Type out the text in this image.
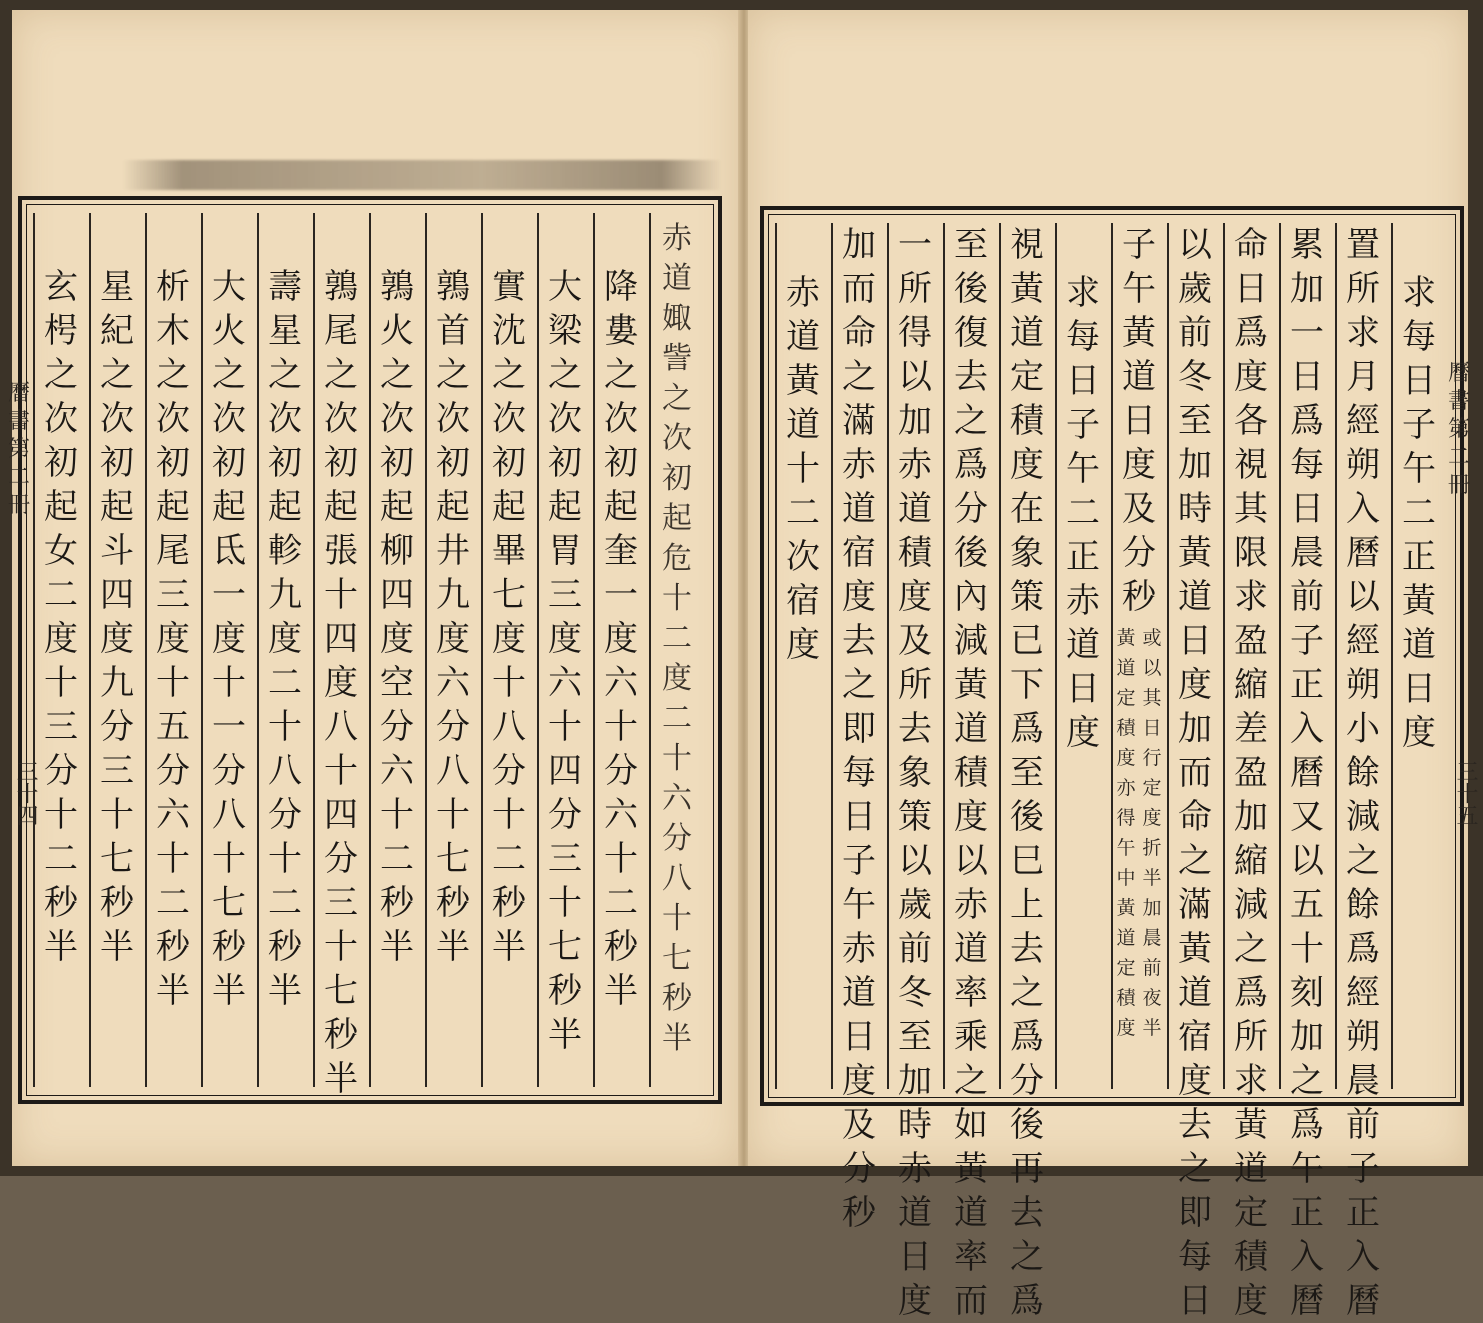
赤
道
娵
訾
之
次
初
起
危
十
二
度
二
十
六
分
八
十
七
秒
半
降
婁
之
次
初
起
奎
一
度
六
十
分
六
十
二
秒
半
大
梁
之
次
初
起
胃
三
度
六
十
四
分
三
十
七
秒
半
實
沈
之
次
初
起
畢
七
度
十
八
分
十
二
秒
半
鶉
首
之
次
初
起
井
九
度
六
分
八
十
七
秒
半
鶉
火
之
次
初
起
柳
四
度
空
分
六
十
二
秒
半
鶉
尾
之
次
初
起
張
十
四
度
八
十
四
分
三
十
七
秒
半
壽
星
之
次
初
起
軫
九
度
二
十
八
分
十
二
秒
半
大
火
之
次
初
起
氐
一
度
十
一
分
八
十
七
秒
半
析
木
之
次
初
起
尾
三
度
十
五
分
六
十
二
秒
半
星
紀
之
次
初
起
斗
四
度
九
分
三
十
七
秒
半
玄
枵
之
次
初
起
女
二
度
十
三
分
十
二
秒
半
求
每
日
子
午
二
正
黃
道
日
度
置
所
求
月
經
朔
入
曆
以
經
朔
小
餘
減
之
餘
爲
經
朔
晨
前
子
正
入
曆
累
加
一
日
爲
每
日
晨
前
子
正
入
曆
又
以
五
十
刻
加
之
爲
午
正
入
曆
命
日
爲
度
各
視
其
限
求
盈
縮
差
盈
加
縮
減
之
爲
所
求
黃
道
定
積
度
以
歲
前
冬
至
加
時
黃
道
日
度
加
而
命
之
滿
黃
道
宿
度
去
之
即
每
日
子
午
黃
道
日
度
及
分
秒
或
以
其
日
行
定
度
折
半
加
晨
前
夜
半
黃
道
定
積
度
亦
得
午
中
黃
道
定
積
度
求
每
日
子
午
二
正
赤
道
日
度
視
黃
道
定
積
度
在
象
策
已
下
爲
至
後
巳
上
去
之
爲
分
後
再
去
之
爲
至
後
復
去
之
爲
分
後
內
減
黃
道
積
度
以
赤
道
率
乘
之
如
黃
道
率
而
一
所
得
以
加
赤
道
積
度
及
所
去
象
策
以
歲
前
冬
至
加
時
赤
道
日
度
加
而
命
之
滿
赤
道
宿
度
去
之
即
每
日
子
午
赤
道
日
度
及
分
秒
赤
道
黃
道
十
二
次
宿
度
曆
書
第
二
冊
三十四
曆
書
第
二
冊
三十五
